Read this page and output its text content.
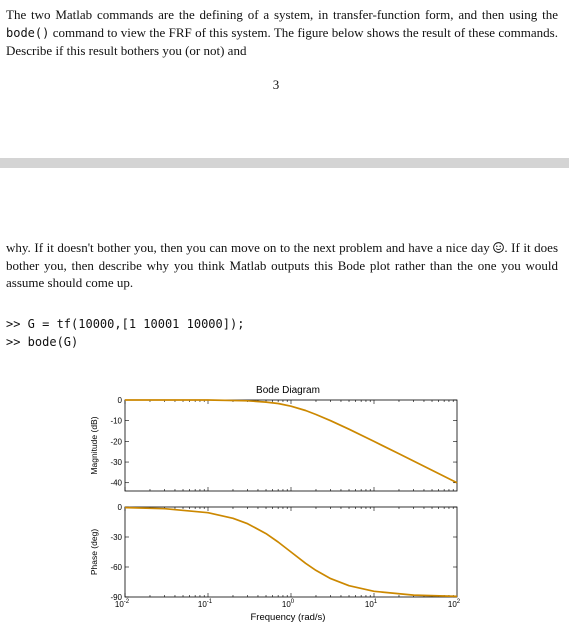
The two Matlab commands are the defining of a system, in transfer-function form, and then using the bode() command to view the FRF of this system. The figure below shows the result of these commands. Describe if this result bothers you (or not) and
3
why. If it doesn't bother you, then you can move on to the next problem and have a nice day . If it does bother you, then describe why you think Matlab outputs this Bode plot rather than the one you would assume should come up.
>> G = tf(10000,[1 10001 10000]);
>> bode(G)
Bode Diagram
0
-10
-20
-30
-40
Magnitude (dB)
0
-30
-60
-90
Phase (deg)
$10^{-2}$	$10^{-1}$	$10^0$	$10^1$	$10^2$
Frequency (rad/s)
